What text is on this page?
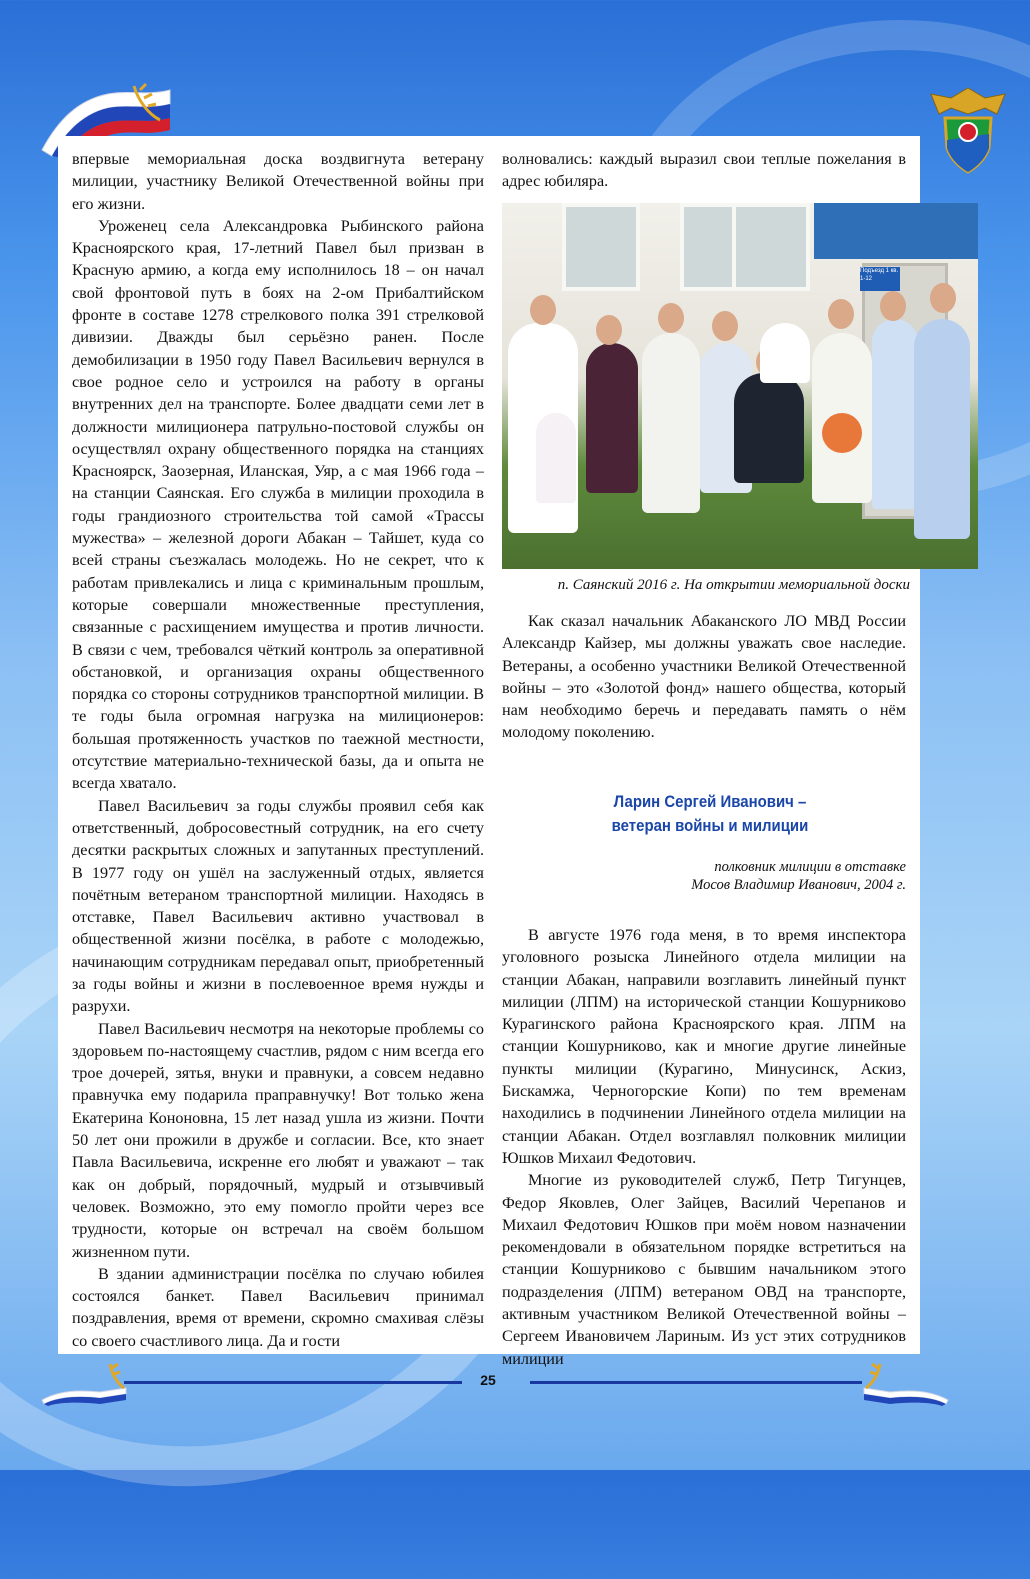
впервые мемориальная доска воздвигнута ветерану милиции, участнику Великой Отечественной войны при его жизни.

Уроженец села Александровка Рыбинского района Красноярского края, 17-летний Павел был призван в Красную армию, а когда ему исполнилось 18 – он начал свой фронтовой путь в боях на 2-ом Прибалтийском фронте в составе 1278 стрелкового полка 391 стрелковой дивизии. Дважды был серьёзно ранен. После демобилизации в 1950 году Павел Васильевич вернулся в свое родное село и устроился на работу в органы внутренних дел на транспорте. Более двадцати семи лет в должности милиционера патрульно-постовой службы он осуществлял охрану общественного порядка на станциях Красноярск, Заозерная, Иланская, Уяр, а с мая 1966 года – на станции Саянская. Его служба в милиции проходила в годы грандиозного строительства той самой «Трассы мужества» – железной дороги Абакан – Тайшет, куда со всей страны съезжалась молодежь. Но не секрет, что к работам привлекались и лица с криминальным прошлым, которые совершали множественные преступления, связанные с расхищением имущества и против личности. В связи с чем, требовался чёткий контроль за оперативной обстановкой, и организация охраны общественного порядка со стороны сотрудников транспортной милиции. В те годы была огромная нагрузка на милиционеров: большая протяженность участков по таежной местности, отсутствие материально-технической базы, да и опыта не всегда хватало.

Павел Васильевич за годы службы проявил себя как ответственный, добросовестный сотрудник, на его счету десятки раскрытых сложных и запутанных преступлений. В 1977 году он ушёл на заслуженный отдых, является почётным ветераном транспортной милиции. Находясь в отставке, Павел Васильевич активно участвовал в общественной жизни посёлка, в работе с молодежью, начинающим сотрудникам передавал опыт, приобретенный за годы войны и жизни в послевоенное время нужды и разрухи.

Павел Васильевич несмотря на некоторые проблемы со здоровьем по-настоящему счастлив, рядом с ним всегда его трое дочерей, зятья, внуки и правнуки, а совсем недавно правнучка ему подарила праправнучку! Вот только жена Екатерина Кононовна, 15 лет назад ушла из жизни. Почти 50 лет они прожили в дружбе и согласии. Все, кто знает Павла Васильевича, искренне его любят и уважают – так как он добрый, порядочный, мудрый и отзывчивый человек. Возможно, это ему помогло пройти через все трудности, которые он встречал на своём большом жизненном пути.

В здании администрации посёлка по случаю юбилея состоялся банкет. Павел Васильевич принимал поздравления, время от времени, скромно смахивая слёзы со своего счастливого лица. Да и гости

волновались: каждый выразил свои теплые пожелания в адрес юбиляра.

Подъезд 1 кв. 1-12
п. Саянский 2016 г. На открытии мемориальной доски

Как сказал начальник Абаканского ЛО МВД России Александр Кайзер, мы должны уважать свое наследие. Ветераны, а особенно участники Великой Отечественной войны – это «Золотой фонд» нашего общества, который нам необходимо беречь и передавать память о нём молодому поколению.

Ларин Сергей Иванович –
ветеран войны и милиции
полковник милиции в отставке
Мосов Владимир Иванович, 2004 г.

В августе 1976 года меня, в то время инспектора уголовного розыска Линейного отдела милиции на станции Абакан, направили возглавить линейный пункт милиции (ЛПМ) на исторической станции Кошурниково Курагинского района Красноярского края. ЛПМ на станции Кошурниково, как и многие другие линейные пункты милиции (Курагино, Минусинск, Аскиз, Бискамжа, Черногорские Копи) по тем временам находились в подчинении Линейного отдела милиции на станции Абакан. Отдел возглавлял полковник милиции Юшков Михаил Федотович.

Многие из руководителей служб, Петр Тигунцев, Федор Яковлев, Олег Зайцев, Василий Черепанов и Михаил Федотович Юшков при моём новом назначении рекомендовали в обязательном порядке встретиться на станции Кошурниково с бывшим начальником этого подразделения (ЛПМ) ветераном ОВД на транспорте, активным участником Великой Отечественной войны – Сергеем Ивановичем Лариным. Из уст этих сотрудников милиции

25
